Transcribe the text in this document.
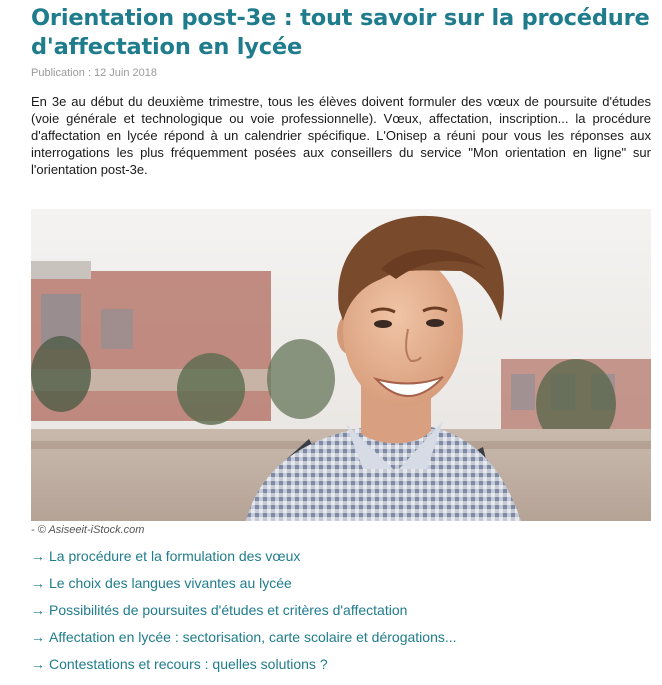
Orientation post-3e : tout savoir sur la procédure d'affectation en lycée

Publication : 12 Juin 2018

En 3e au début du deuxième trimestre, tous les élèves doivent formuler des vœux de poursuite d'études (voie générale et technologique ou voie professionnelle). Vœux, affectation, inscription... la procédure d'affectation en lycée répond à un calendrier spécifique. L'Onisep a réuni pour vous les réponses aux interrogations les plus fréquemment posées aux conseillers du service "Mon orientation en ligne" sur l'orientation post-3e.

- © Asiseeit-iStock.com
→ La procédure et la formulation des vœux
→ Le choix des langues vivantes au lycée
→ Possibilités de poursuites d'études et critères d'affectation
→ Affectation en lycée : sectorisation, carte scolaire et dérogations...
→ Contestations et recours : quelles solutions ?
